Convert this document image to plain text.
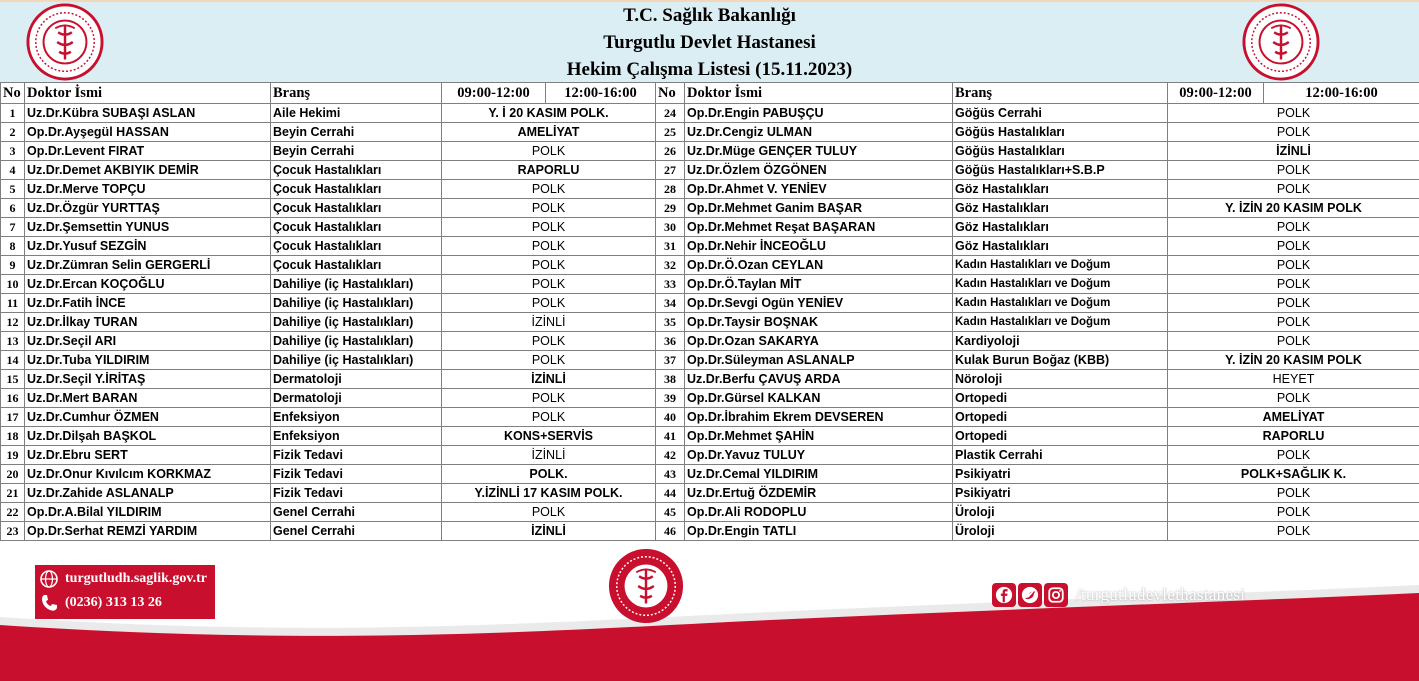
T.C. Sağlık Bakanlığı
Turgutlu Devlet Hastanesi
Hekim Çalışma Listesi (15.11.2023)
No	Doktor İsmi	Branş	09:00-12:00	12:00-16:00	No	Doktor İsmi	Branş	09:00-12:00	12:00-16:00
1	Uz.Dr.Kübra SUBAŞI ASLAN	Aile Hekimi	Y. İ 20 KASIM POLK.		24	Op.Dr.Engin PABUŞÇU	Göğüs Cerrahi	POLK	
2	Op.Dr.Ayşegül HASSAN	Beyin Cerrahi	AMELİYAT		25	Uz.Dr.Cengiz ULMAN	Göğüs Hastalıkları	POLK	
3	Op.Dr.Levent FIRAT	Beyin Cerrahi	POLK		26	Uz.Dr.Müge GENÇER TULUY	Göğüs Hastalıkları	İZİNLİ	
4	Uz.Dr.Demet AKBIYIK DEMİR	Çocuk Hastalıkları	RAPORLU		27	Uz.Dr.Özlem ÖZGÖNEN	Göğüs Hastalıkları+S.B.P	POLK	
5	Uz.Dr.Merve TOPÇU	Çocuk Hastalıkları	POLK		28	Op.Dr.Ahmet V. YENİEV	Göz Hastalıkları	POLK	
6	Uz.Dr.Özgür YURTTAŞ	Çocuk Hastalıkları	POLK		29	Op.Dr.Mehmet Ganim BAŞAR	Göz Hastalıkları	Y. İZİN 20 KASIM POLK	
7	Uz.Dr.Şemsettin YUNUS	Çocuk Hastalıkları	POLK		30	Op.Dr.Mehmet Reşat BAŞARAN	Göz Hastalıkları	POLK	
8	Uz.Dr.Yusuf SEZGİN	Çocuk Hastalıkları	POLK		31	Op.Dr.Nehir İNCEOĞLU	Göz Hastalıkları	POLK	
9	Uz.Dr.Zümran Selin GERGERLİ	Çocuk Hastalıkları	POLK		32	Op.Dr.Ö.Ozan CEYLAN	Kadın Hastalıkları ve Doğum	POLK	
10	Uz.Dr.Ercan KOÇOĞLU	Dahiliye (iç Hastalıkları)	POLK		33	Op.Dr.Ö.Taylan MİT	Kadın Hastalıkları ve Doğum	POLK	
11	Uz.Dr.Fatih İNCE	Dahiliye (iç Hastalıkları)	POLK		34	Op.Dr.Sevgi Ogün YENİEV	Kadın Hastalıkları ve Doğum	POLK	
12	Uz.Dr.İlkay TURAN	Dahiliye (iç Hastalıkları)	İZİNLİ		35	Op.Dr.Taysir BOŞNAK	Kadın Hastalıkları ve Doğum	POLK	
13	Uz.Dr.Seçil ARI	Dahiliye (iç Hastalıkları)	POLK		36	Op.Dr.Ozan SAKARYA	Kardiyoloji	POLK	
14	Uz.Dr.Tuba YILDIRIM	Dahiliye (iç Hastalıkları)	POLK		37	Op.Dr.Süleyman ASLANALP	Kulak Burun Boğaz (KBB)	Y. İZİN 20 KASIM POLK	
15	Uz.Dr.Seçil Y.İRİTAŞ	Dermatoloji	İZİNLİ		38	Uz.Dr.Berfu ÇAVUŞ ARDA	Nöroloji	HEYET	
16	Uz.Dr.Mert BARAN	Dermatoloji	POLK		39	Op.Dr.Gürsel KALKAN	Ortopedi	POLK	
17	Uz.Dr.Cumhur ÖZMEN	Enfeksiyon	POLK		40	Op.Dr.İbrahim Ekrem DEVSEREN	Ortopedi	AMELİYAT	
18	Uz.Dr.Dilşah BAŞKOL	Enfeksiyon	KONS+SERVİS		41	Op.Dr.Mehmet ŞAHİN	Ortopedi	RAPORLU	
19	Uz.Dr.Ebru SERT	Fizik Tedavi	İZİNLİ		42	Op.Dr.Yavuz TULUY	Plastik Cerrahi	POLK	
20	Uz.Dr.Onur Kıvılcım KORKMAZ	Fizik Tedavi	POLK.		43	Uz.Dr.Cemal YILDIRIM	Psikiyatri	POLK+SAĞLIK K.	
21	Uz.Dr.Zahide ASLANALP	Fizik Tedavi	Y.İZİNLİ 17 KASIM POLK.		44	Uz.Dr.Ertuğ ÖZDEMİR	Psikiyatri	POLK	
22	Op.Dr.A.Bilal YILDIRIM	Genel Cerrahi	POLK		45	Op.Dr.Ali RODOPLU	Üroloji	POLK	
23	Op.Dr.Serhat REMZİ YARDIM	Genel Cerrahi	İZİNLİ		46	Op.Dr.Engin TATLI	Üroloji	POLK	
turgutludh.saglik.gov.tr
(0236) 313 13 26	/turgutludevlethastanesi
